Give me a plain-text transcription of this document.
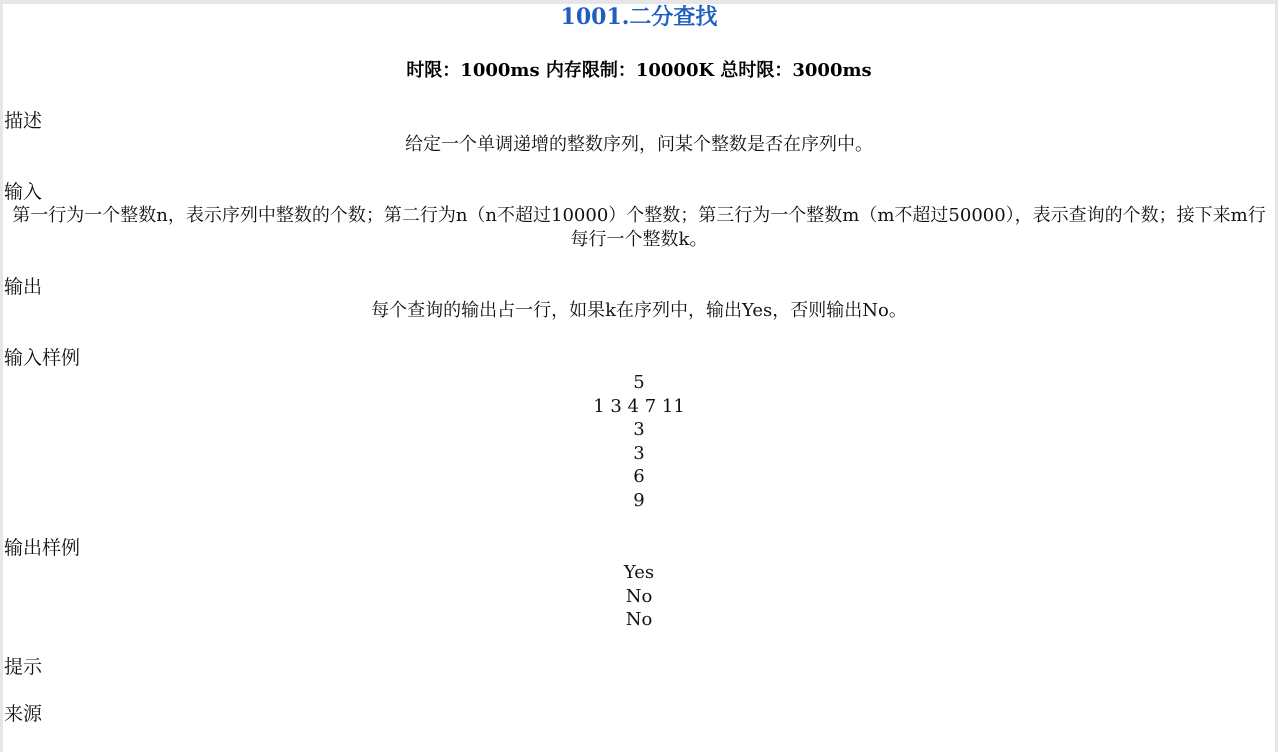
1001.二分查找
时限：1000ms 内存限制：10000K 总时限：3000ms
描述
给定一个单调递增的整数序列，问某个整数是否在序列中。
输入
第一行为一个整数n，表示序列中整数的个数；第二行为n（n不超过10000）个整数；第三行为一个整数m（m不超过50000），表示查询的个数；接下来m行每行一个整数k。
输出
每个查询的输出占一行，如果k在序列中，输出Yes，否则输出No。
输入样例
5
1 3 4 7 11
3
3
6
9
输出样例
Yes
No
No
提示
来源
